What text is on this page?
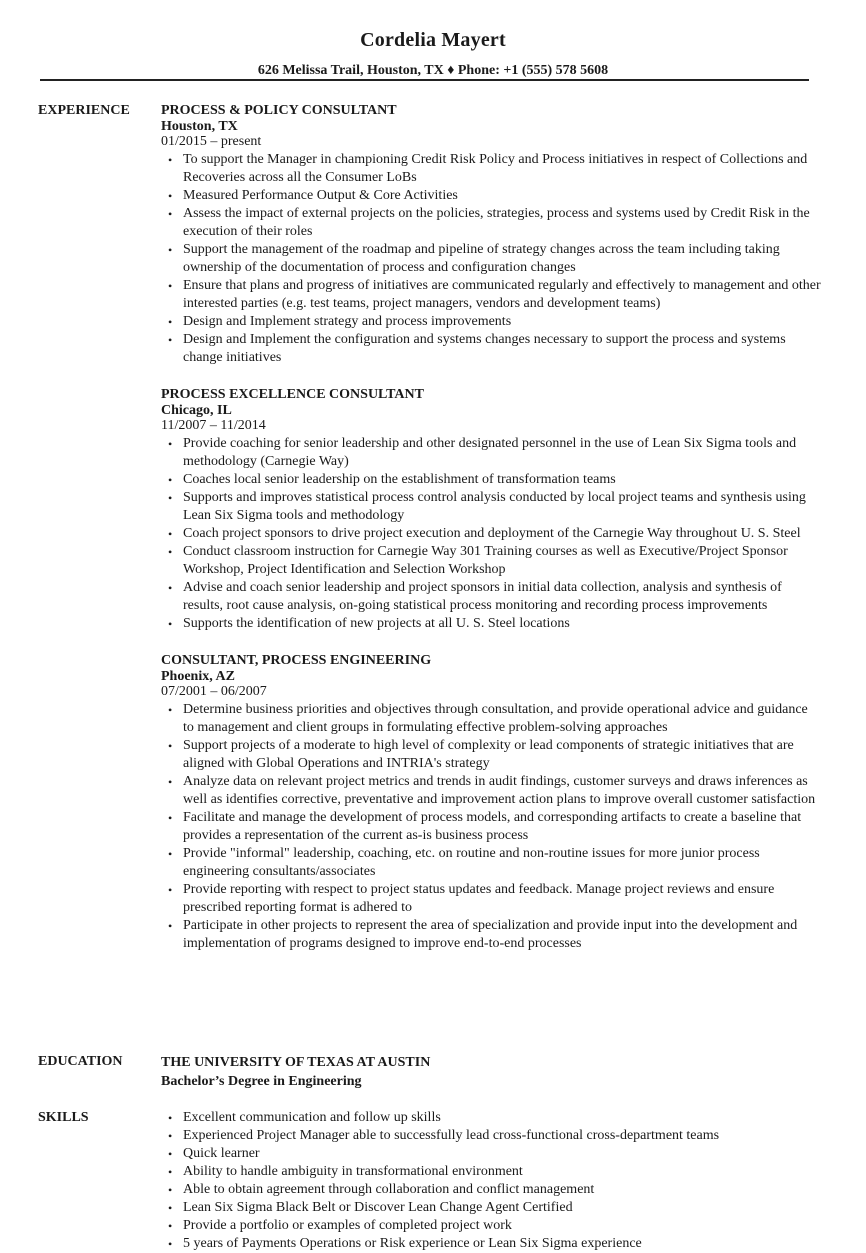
Cordelia Mayert
626 Melissa Trail, Houston, TX ♦ Phone: +1 (555) 578 5608
EXPERIENCE	PROCESS & POLICY CONSULTANT
Houston, TX
01/2015 – present
• To support the Manager in championing Credit Risk Policy and Process initiatives in respect of Collections and Recoveries across all the Consumer LoBs
• Measured Performance Output & Core Activities
• Assess the impact of external projects on the policies, strategies, process and systems used by Credit Risk in the execution of their roles
• Support the management of the roadmap and pipeline of strategy changes across the team including taking ownership of the documentation of process and configuration changes
• Ensure that plans and progress of initiatives are communicated regularly and effectively to management and other interested parties (e.g. test teams, project managers, vendors and development teams)
• Design and Implement strategy and process improvements
• Design and Implement the configuration and systems changes necessary to support the process and systems change initiatives
PROCESS EXCELLENCE CONSULTANT
Chicago, IL
11/2007 – 11/2014
• Provide coaching for senior leadership and other designated personnel in the use of Lean Six Sigma tools and methodology (Carnegie Way)
• Coaches local senior leadership on the establishment of transformation teams
• Supports and improves statistical process control analysis conducted by local project teams and synthesis using Lean Six Sigma tools and methodology
• Coach project sponsors to drive project execution and deployment of the Carnegie Way throughout U. S. Steel
• Conduct classroom instruction for Carnegie Way 301 Training courses as well as Executive/Project Sponsor Workshop, Project Identification and Selection Workshop
• Advise and coach senior leadership and project sponsors in initial data collection, analysis and synthesis of results, root cause analysis, on-going statistical process monitoring and recording process improvements
• Supports the identification of new projects at all U. S. Steel locations
CONSULTANT, PROCESS ENGINEERING
Phoenix, AZ
07/2001 – 06/2007
• Determine business priorities and objectives through consultation, and provide operational advice and guidance to management and client groups in formulating effective problem-solving approaches
• Support projects of a moderate to high level of complexity or lead components of strategic initiatives that are aligned with Global Operations and INTRIA's strategy
• Analyze data on relevant project metrics and trends in audit findings, customer surveys and draws inferences as well as identifies corrective, preventative and improvement action plans to improve overall customer satisfaction
• Facilitate and manage the development of process models, and corresponding artifacts to create a baseline that provides a representation of the current as-is business process
• Provide "informal" leadership, coaching, etc. on routine and non-routine issues for more junior process engineering consultants/associates
• Provide reporting with respect to project status updates and feedback. Manage project reviews and ensure prescribed reporting format is adhered to
• Participate in other projects to represent the area of specialization and provide input into the development and implementation of programs designed to improve end-to-end processes
EDUCATION	THE UNIVERSITY OF TEXAS AT AUSTIN
Bachelor’s Degree in Engineering
SKILLS
•	Excellent communication and follow up skills
• Experienced Project Manager able to successfully lead cross-functional cross-department teams
• Quick learner
• Ability to handle ambiguity in transformational environment
• Able to obtain agreement through collaboration and conflict management
• Lean Six Sigma Black Belt or Discover Lean Change Agent Certified
• Provide a portfolio or examples of completed project work
• 5 years of Payments Operations or Risk experience or Lean Six Sigma experience
